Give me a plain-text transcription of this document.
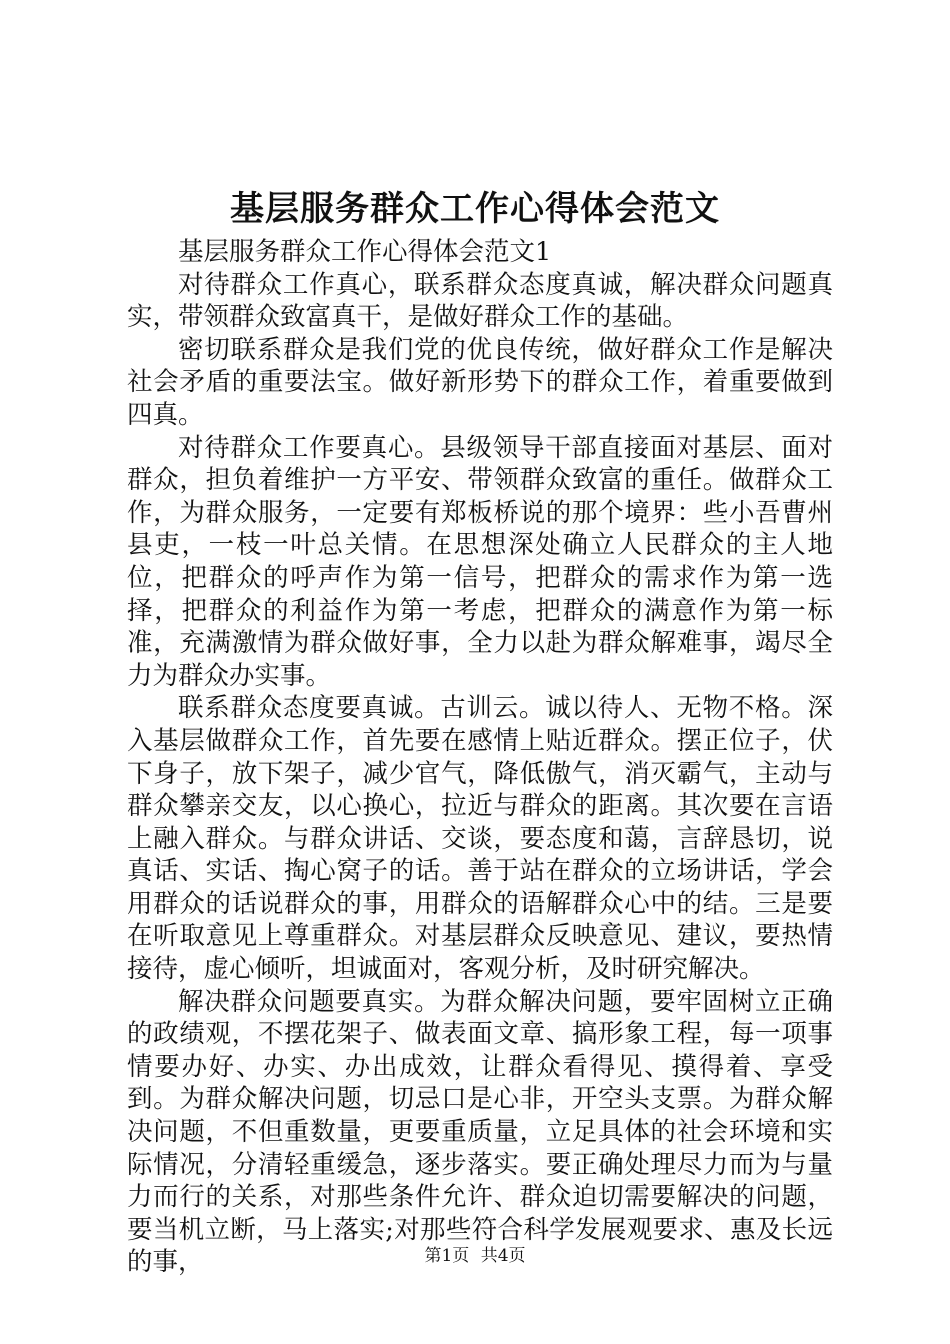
基层服务群众工作心得体会范文

基层服务群众工作心得体会范文1

对待群众工作真心，联系群众态度真诚，解决群众问题真实，带领群众致富真干，是做好群众工作的基础。

密切联系群众是我们党的优良传统，做好群众工作是解决社会矛盾的重要法宝。做好新形势下的群众工作，着重要做到四真。

对待群众工作要真心。县级领导干部直接面对基层、面对群众，担负着维护一方平安、带领群众致富的重任。做群众工作，为群众服务，一定要有郑板桥说的那个境界：些小吾曹州县吏，一枝一叶总关情。在思想深处确立人民群众的主人地位，把群众的呼声作为第一信号，把群众的需求作为第一选择，把群众的利益作为第一考虑，把群众的满意作为第一标准，充满激情为群众做好事，全力以赴为群众解难事，竭尽全力为群众办实事。

联系群众态度要真诚。古训云。诚以待人、无物不格。深入基层做群众工作，首先要在感情上贴近群众。摆正位子，伏下身子，放下架子，减少官气，降低傲气，消灭霸气，主动与群众攀亲交友，以心换心，拉近与群众的距离。其次要在言语上融入群众。与群众讲话、交谈，要态度和蔼，言辞恳切，说真话、实话、掏心窝子的话。善于站在群众的立场讲话，学会用群众的话说群众的事，用群众的语解群众心中的结。三是要在听取意见上尊重群众。对基层群众反映意见、建议，要热情接待，虚心倾听，坦诚面对，客观分析，及时研究解决。

解决群众问题要真实。为群众解决问题，要牢固树立正确的政绩观，不摆花架子、做表面文章、搞形象工程，每一项事情要办好、办实、办出成效，让群众看得见、摸得着、享受到。为群众解决问题，切忌口是心非，开空头支票。为群众解决问题，不但重数量，更要重质量，立足具体的社会环境和实际情况，分清轻重缓急，逐步落实。要正确处理尽力而为与量力而行的关系，对那些条件允许、群众迫切需要解决的问题，要当机立断，马上落实;对那些符合科学发展观要求、惠及长远的事，	第1页 共4页
